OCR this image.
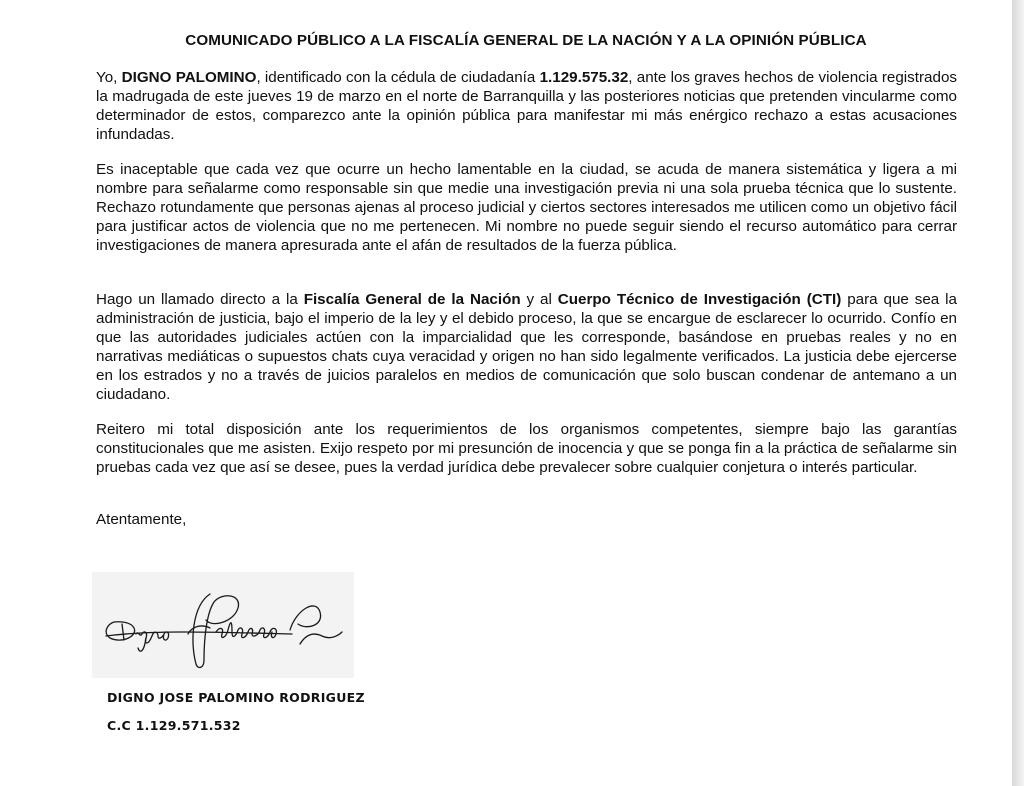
COMUNICADO PÚBLICO A LA FISCALÍA GENERAL DE LA NACIÓN Y A LA OPINIÓN PÚBLICA

Yo, DIGNO PALOMINO, identificado con la cédula de ciudadanía 1.129.575.32, ante los graves hechos de violencia registrados la madrugada de este jueves 19 de marzo en el norte de Barranquilla y las posteriores noticias que pretenden vincularme como determinador de estos, comparezco ante la opinión pública para manifestar mi más enérgico rechazo a estas acusaciones infundadas.

Es inaceptable que cada vez que ocurre un hecho lamentable en la ciudad, se acuda de manera sistemática y ligera a mi nombre para señalarme como responsable sin que medie una investigación previa ni una sola prueba técnica que lo sustente. Rechazo rotundamente que personas ajenas al proceso judicial y ciertos sectores interesados me utilicen como un objetivo fácil para justificar actos de violencia que no me pertenecen. Mi nombre no puede seguir siendo el recurso automático para cerrar investigaciones de manera apresurada ante el afán de resultados de la fuerza pública.

Hago un llamado directo a la Fiscalía General de la Nación y al Cuerpo Técnico de Investigación (CTI) para que sea la administración de justicia, bajo el imperio de la ley y el debido proceso, la que se encargue de esclarecer lo ocurrido. Confío en que las autoridades judiciales actúen con la imparcialidad que les corresponde, basándose en pruebas reales y no en narrativas mediáticas o supuestos chats cuya veracidad y origen no han sido legalmente verificados. La justicia debe ejercerse en los estrados y no a través de juicios paralelos en medios de comunicación que solo buscan condenar de antemano a un ciudadano.

Reitero mi total disposición ante los requerimientos de los organismos competentes, siempre bajo las garantías constitucionales que me asisten. Exijo respeto por mi presunción de inocencia y que se ponga fin a la práctica de señalarme sin pruebas cada vez que así se desee, pues la verdad jurídica debe prevalecer sobre cualquier conjetura o interés particular.

Atentamente,
DIGNO JOSE PALOMINO RODRIGUEZ
C.C 1.129.571.532
